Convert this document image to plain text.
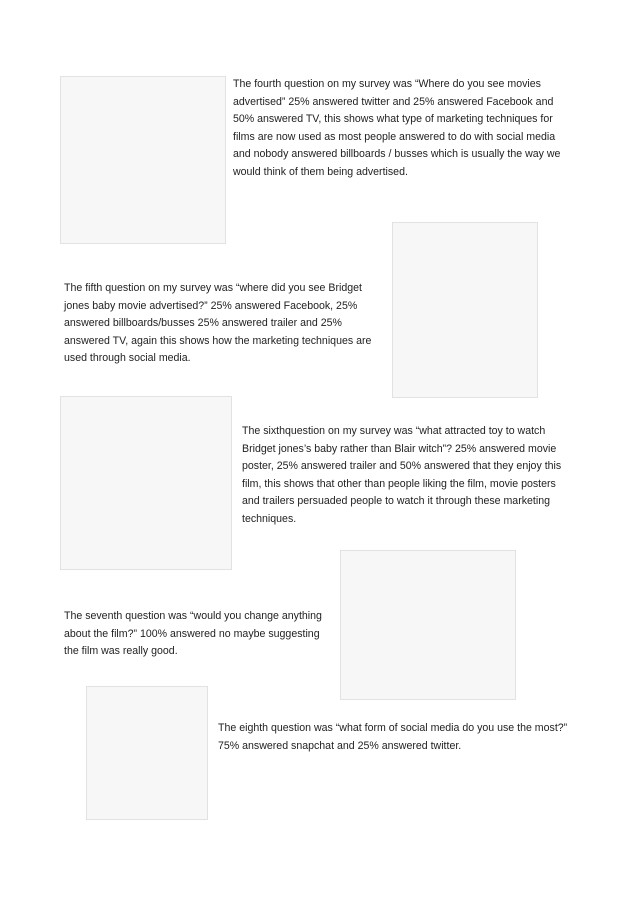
The fourth question on my survey was “Where do you see movies advertised” 25% answered twitter and 25% answered Facebook and 50% answered TV, this shows what type of marketing techniques for films are now used as most people answered to do with social media and nobody answered billboards / busses which is usually the way we would think of them being advertised.

The fifth question on my survey was “where did you see Bridget jones baby movie advertised?” 25% answered Facebook, 25% answered billboards/busses 25% answered trailer and 25% answered TV, again this shows how the marketing techniques are used through social media.

The sixthquestion on my survey was “what attracted toy to watch Bridget jones’s baby rather than Blair witch”? 25% answered movie poster, 25% answered trailer and 50% answered that they enjoy this film, this shows that other than people liking the film, movie posters and trailers persuaded people to watch it through these marketing techniques.

The seventh question was “would you change anything about the film?” 100% answered no maybe suggesting the film was really good.

The eighth question was “what form of social media do you use the most?” 75% answered snapchat and 25% answered twitter.
